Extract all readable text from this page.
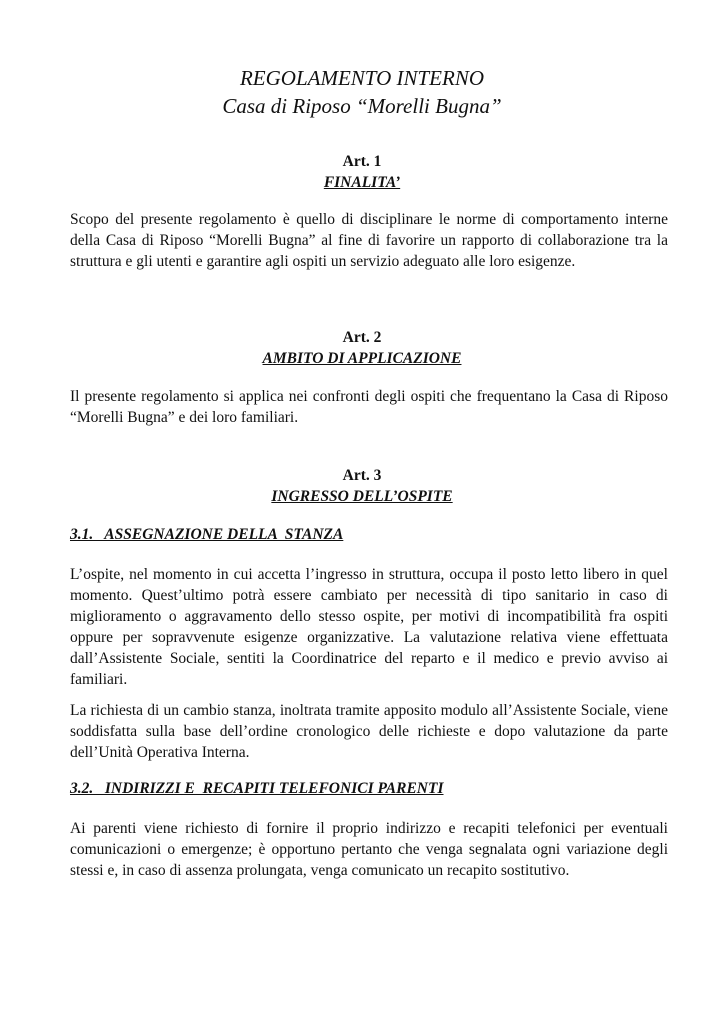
REGOLAMENTO INTERNO
Casa di Riposo “Morelli Bugna”
Art. 1
FINALITA’

Scopo del presente regolamento è quello di disciplinare le norme di comportamento interne della Casa di Riposo “Morelli Bugna” al fine di favorire un rapporto di collaborazione tra la struttura e gli utenti e garantire agli ospiti un servizio adeguato alle loro esigenze.

Art. 2
AMBITO DI APPLICAZIONE

Il presente regolamento si applica nei confronti degli ospiti che frequentano la Casa di Riposo “Morelli Bugna” e dei loro familiari.

Art. 3
INGRESSO DELL’OSPITE
3.1.   ASSEGNAZIONE DELLA  STANZA

L’ospite, nel momento in cui accetta l’ingresso in struttura, occupa il posto letto libero in quel momento. Quest’ultimo potrà essere cambiato per necessità di tipo sanitario in caso di miglioramento o aggravamento dello stesso ospite, per motivi di incompatibilità fra ospiti oppure per sopravvenute esigenze organizzative. La valutazione relativa viene effettuata dall’Assistente Sociale, sentiti la Coordinatrice del reparto e il medico e previo avviso ai familiari.

La richiesta di un cambio stanza, inoltrata tramite apposito modulo all’Assistente Sociale, viene soddisfatta sulla base dell’ordine cronologico delle richieste e dopo valutazione da parte dell’Unità Operativa Interna.

3.2.   INDIRIZZI E  RECAPITI TELEFONICI PARENTI

Ai parenti viene richiesto di fornire il proprio indirizzo e recapiti telefonici per eventuali comunicazioni o emergenze; è opportuno pertanto che venga segnalata ogni variazione degli stessi e, in caso di assenza prolungata, venga comunicato un recapito sostitutivo.
